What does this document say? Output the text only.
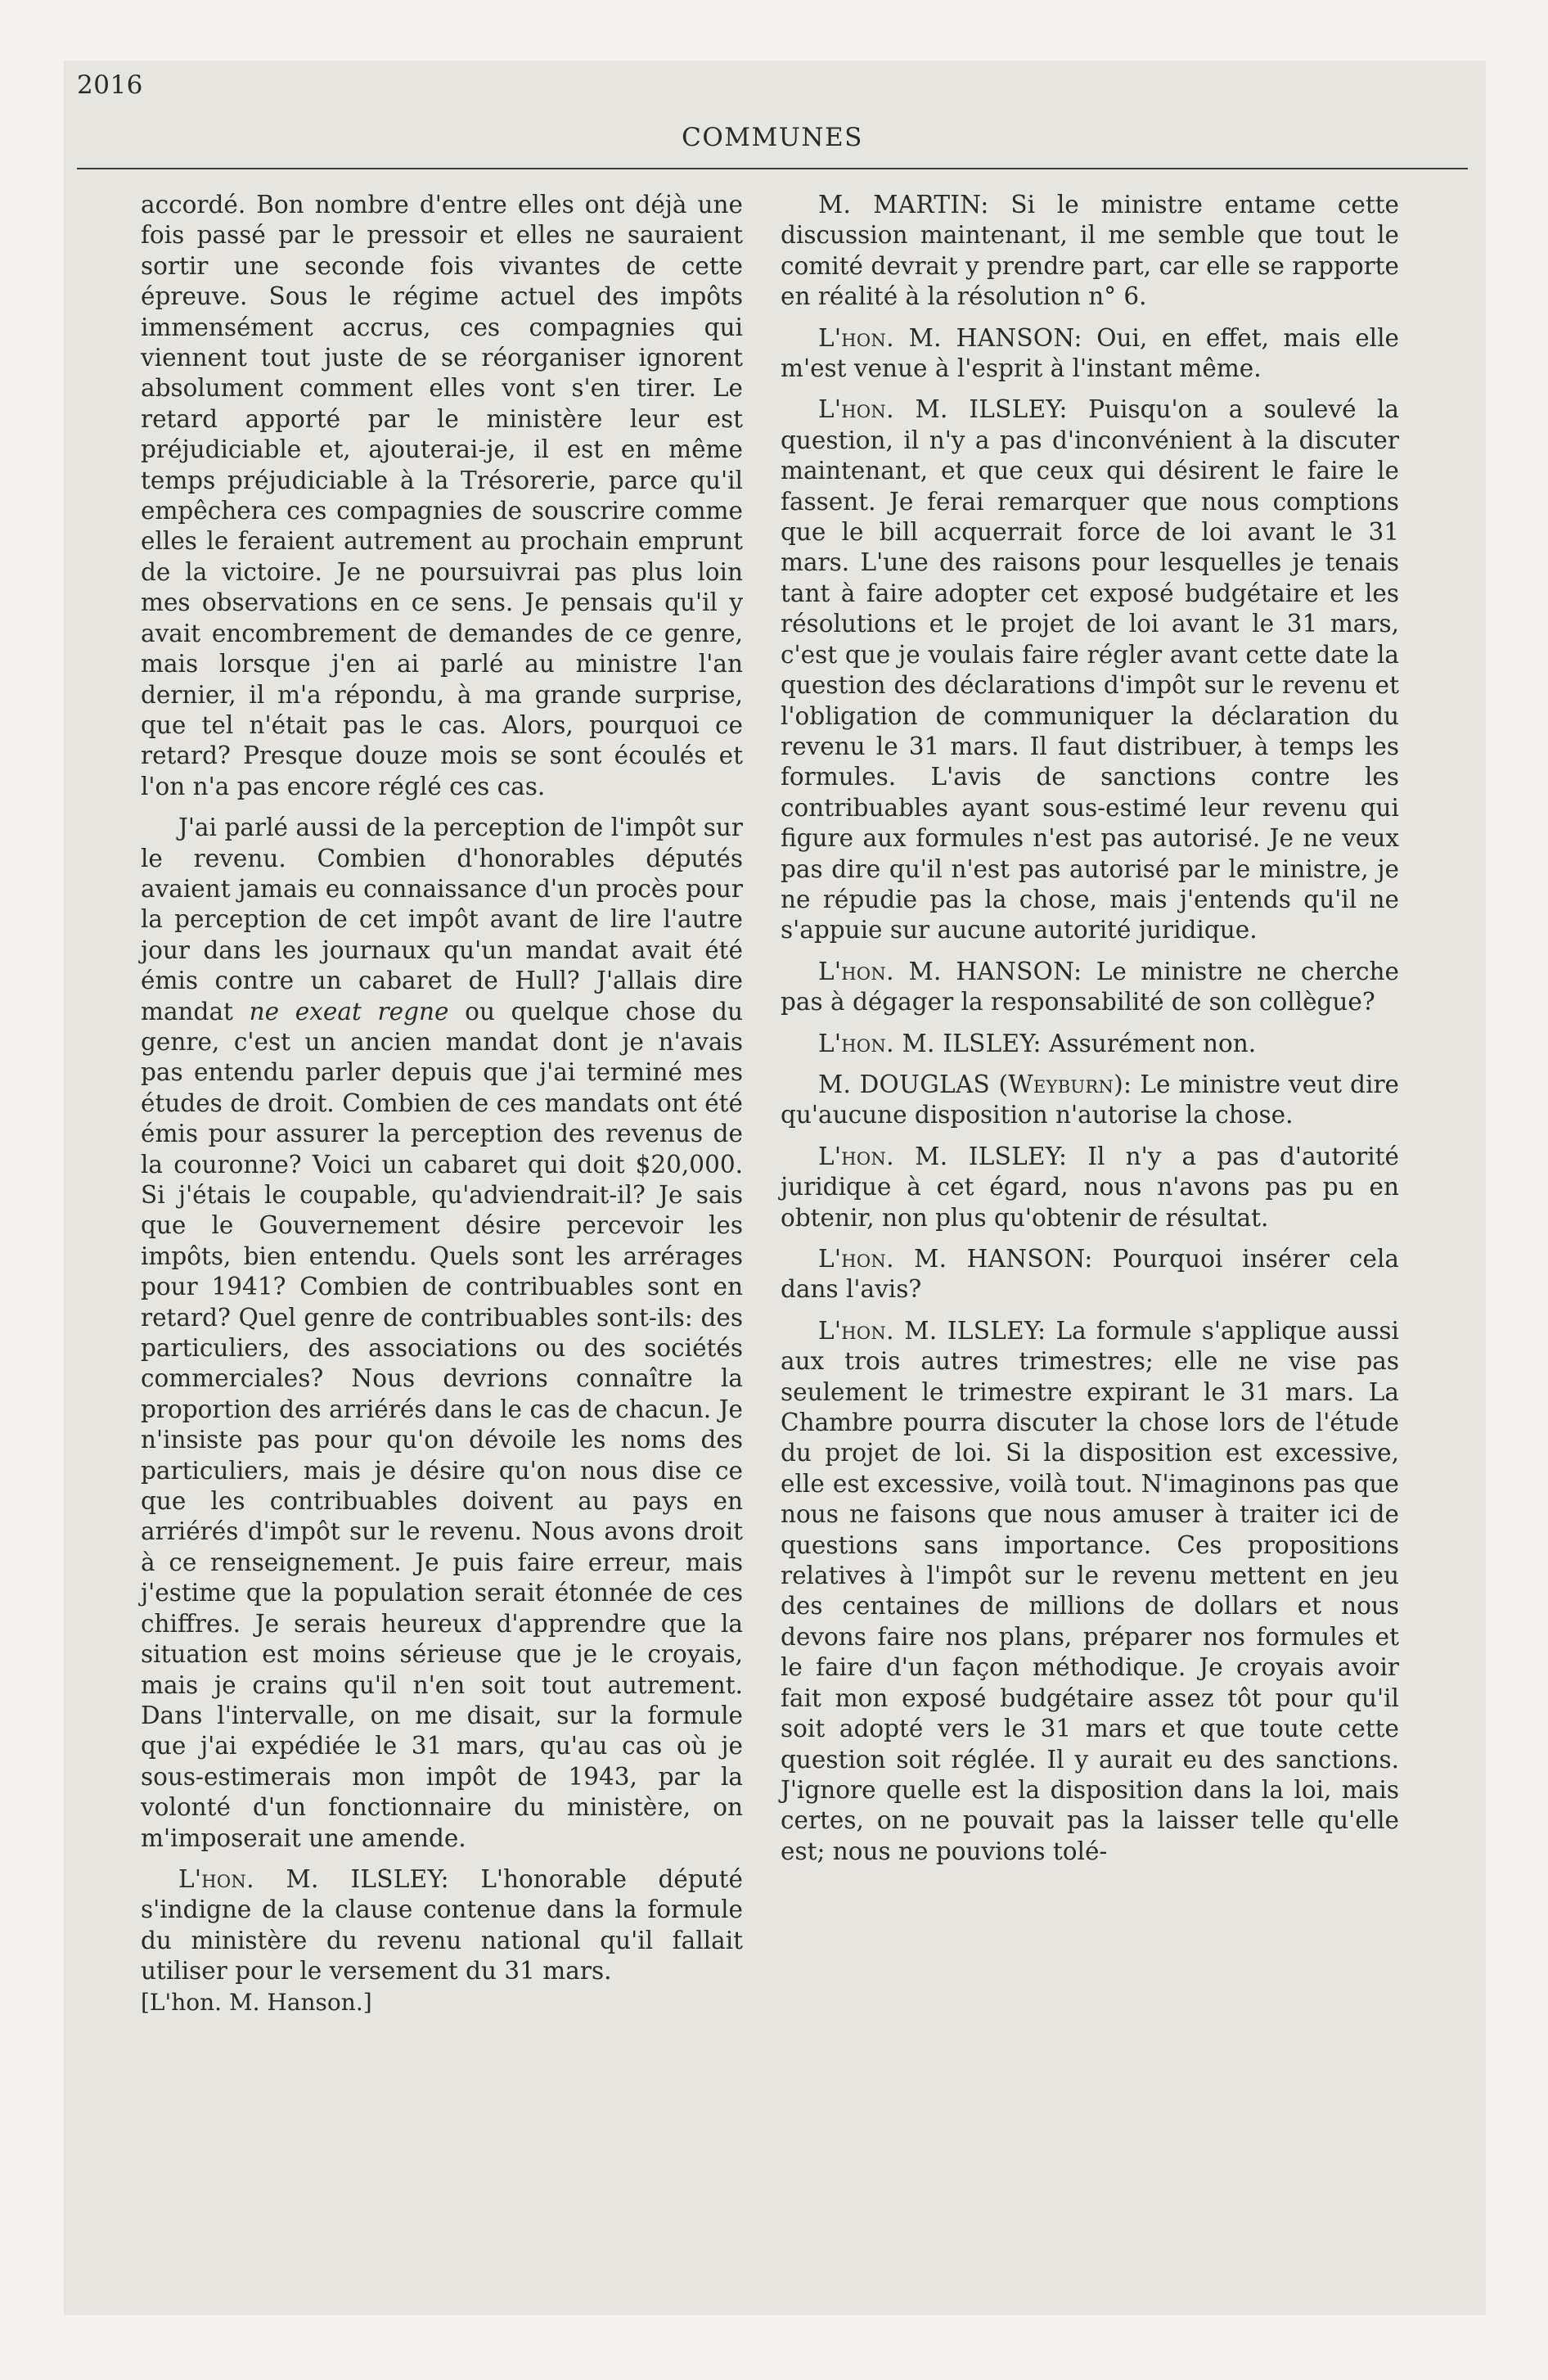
2016
COMMUNES

accordé. Bon nombre d'entre elles ont déjà une fois passé par le pressoir et elles ne sauraient sortir une seconde fois vivantes de cette épreuve. Sous le régime actuel des impôts immensément accrus, ces compagnies qui viennent tout juste de se réorganiser ignorent absolument comment elles vont s'en tirer. Le retard apporté par le ministère leur est préjudiciable et, ajouterai-je, il est en même temps préjudiciable à la Trésorerie, parce qu'il empêchera ces compagnies de souscrire comme elles le feraient autrement au prochain emprunt de la victoire. Je ne poursuivrai pas plus loin mes observations en ce sens. Je pensais qu'il y avait encombrement de demandes de ce genre, mais lorsque j'en ai parlé au ministre l'an dernier, il m'a répondu, à ma grande surprise, que tel n'était pas le cas. Alors, pourquoi ce retard? Presque douze mois se sont écoulés et l'on n'a pas encore réglé ces cas.

J'ai parlé aussi de la perception de l'impôt sur le revenu. Combien d'honorables députés avaient jamais eu connaissance d'un procès pour la perception de cet impôt avant de lire l'autre jour dans les journaux qu'un mandat avait été émis contre un cabaret de Hull? J'allais dire mandat ne exeat regne ou quelque chose du genre, c'est un ancien mandat dont je n'avais pas entendu parler depuis que j'ai terminé mes études de droit. Combien de ces mandats ont été émis pour assurer la perception des revenus de la couronne? Voici un cabaret qui doit $20,000. Si j'étais le coupable, qu'adviendrait-il? Je sais que le Gouvernement désire percevoir les impôts, bien entendu. Quels sont les arrérages pour 1941? Combien de contribuables sont en retard? Quel genre de contribuables sont-ils: des particuliers, des associations ou des sociétés commerciales? Nous devrions connaître la proportion des arriérés dans le cas de chacun. Je n'insiste pas pour qu'on dévoile les noms des particuliers, mais je désire qu'on nous dise ce que les contribuables doivent au pays en arriérés d'impôt sur le revenu. Nous avons droit à ce renseignement. Je puis faire erreur, mais j'estime que la population serait étonnée de ces chiffres. Je serais heureux d'apprendre que la situation est moins sérieuse que je le croyais, mais je crains qu'il n'en soit tout autrement. Dans l'intervalle, on me disait, sur la formule que j'ai expédiée le 31 mars, qu'au cas où je sous-estimerais mon impôt de 1943, par la volonté d'un fonctionnaire du ministère, on m'imposerait une amende.

L'hon. M. ILSLEY: L'honorable député s'indigne de la clause contenue dans la formule du ministère du revenu national qu'il fallait utiliser pour le versement du 31 mars.

[L'hon. M. Hanson.]

M. MARTIN: Si le ministre entame cette discussion maintenant, il me semble que tout le comité devrait y prendre part, car elle se rapporte en réalité à la résolution n° 6.

L'hon. M. HANSON: Oui, en effet, mais elle m'est venue à l'esprit à l'instant même.

L'hon. M. ILSLEY: Puisqu'on a soulevé la question, il n'y a pas d'inconvénient à la discuter maintenant, et que ceux qui désirent le faire le fassent. Je ferai remarquer que nous comptions que le bill acquerrait force de loi avant le 31 mars. L'une des raisons pour lesquelles je tenais tant à faire adopter cet exposé budgétaire et les résolutions et le projet de loi avant le 31 mars, c'est que je voulais faire régler avant cette date la question des déclarations d'impôt sur le revenu et l'obligation de communiquer la déclaration du revenu le 31 mars. Il faut distribuer, à temps les formules. L'avis de sanctions contre les contribuables ayant sous-estimé leur revenu qui figure aux formules n'est pas autorisé. Je ne veux pas dire qu'il n'est pas autorisé par le ministre, je ne répudie pas la chose, mais j'entends qu'il ne s'appuie sur aucune autorité juridique.

L'hon. M. HANSON: Le ministre ne cherche pas à dégager la responsabilité de son collègue?

L'hon. M. ILSLEY: Assurément non.

M. DOUGLAS (Weyburn): Le ministre veut dire qu'aucune disposition n'autorise la chose.

L'hon. M. ILSLEY: Il n'y a pas d'autorité juridique à cet égard, nous n'avons pas pu en obtenir, non plus qu'obtenir de résultat.

L'hon. M. HANSON: Pourquoi insérer cela dans l'avis?

L'hon. M. ILSLEY: La formule s'applique aussi aux trois autres trimestres; elle ne vise pas seulement le trimestre expirant le 31 mars. La Chambre pourra discuter la chose lors de l'étude du projet de loi. Si la disposition est excessive, elle est excessive, voilà tout. N'imaginons pas que nous ne faisons que nous amuser à traiter ici de questions sans importance. Ces propositions relatives à l'impôt sur le revenu mettent en jeu des centaines de millions de dollars et nous devons faire nos plans, préparer nos formules et le faire d'un façon méthodique. Je croyais avoir fait mon exposé budgétaire assez tôt pour qu'il soit adopté vers le 31 mars et que toute cette question soit réglée. Il y aurait eu des sanctions. J'ignore quelle est la disposition dans la loi, mais certes, on ne pouvait pas la laisser telle qu'elle est; nous ne pouvions tolé-
